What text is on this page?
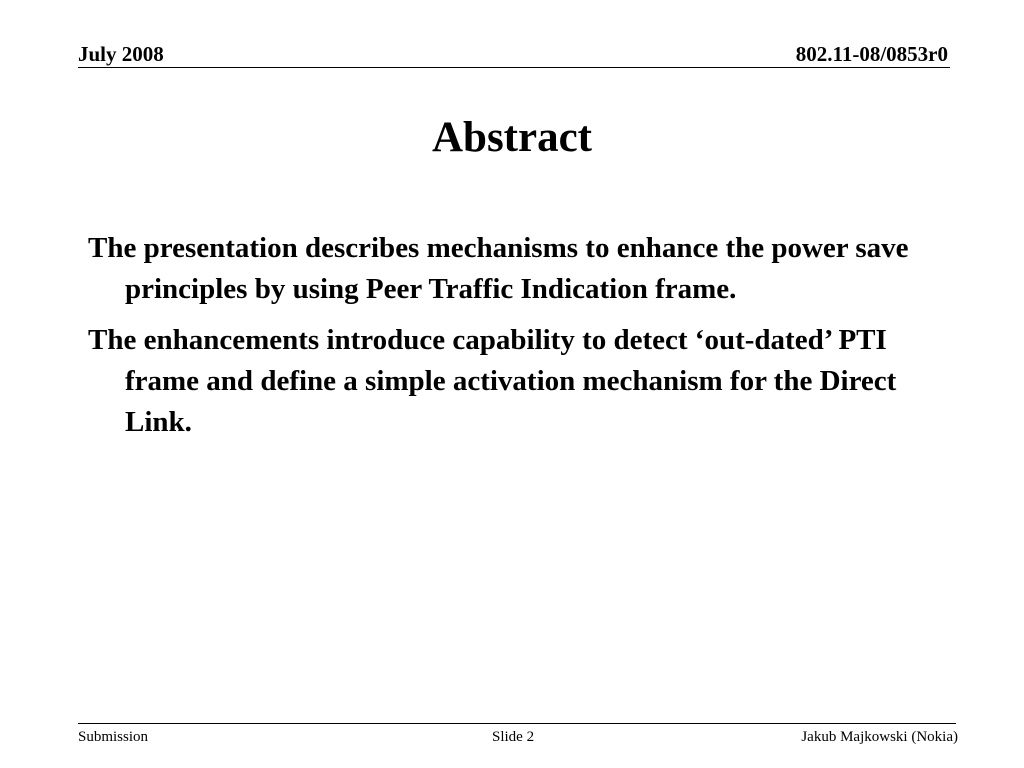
July 2008	802.11-08/0853r0
Abstract
The presentation describes mechanisms to enhance the power save principles by using Peer Traffic Indication frame.
The enhancements introduce capability to detect ‘out-dated’ PTI frame and define a simple activation mechanism for the Direct Link.
Submission	Slide 2	Jakub Majkowski (Nokia)
